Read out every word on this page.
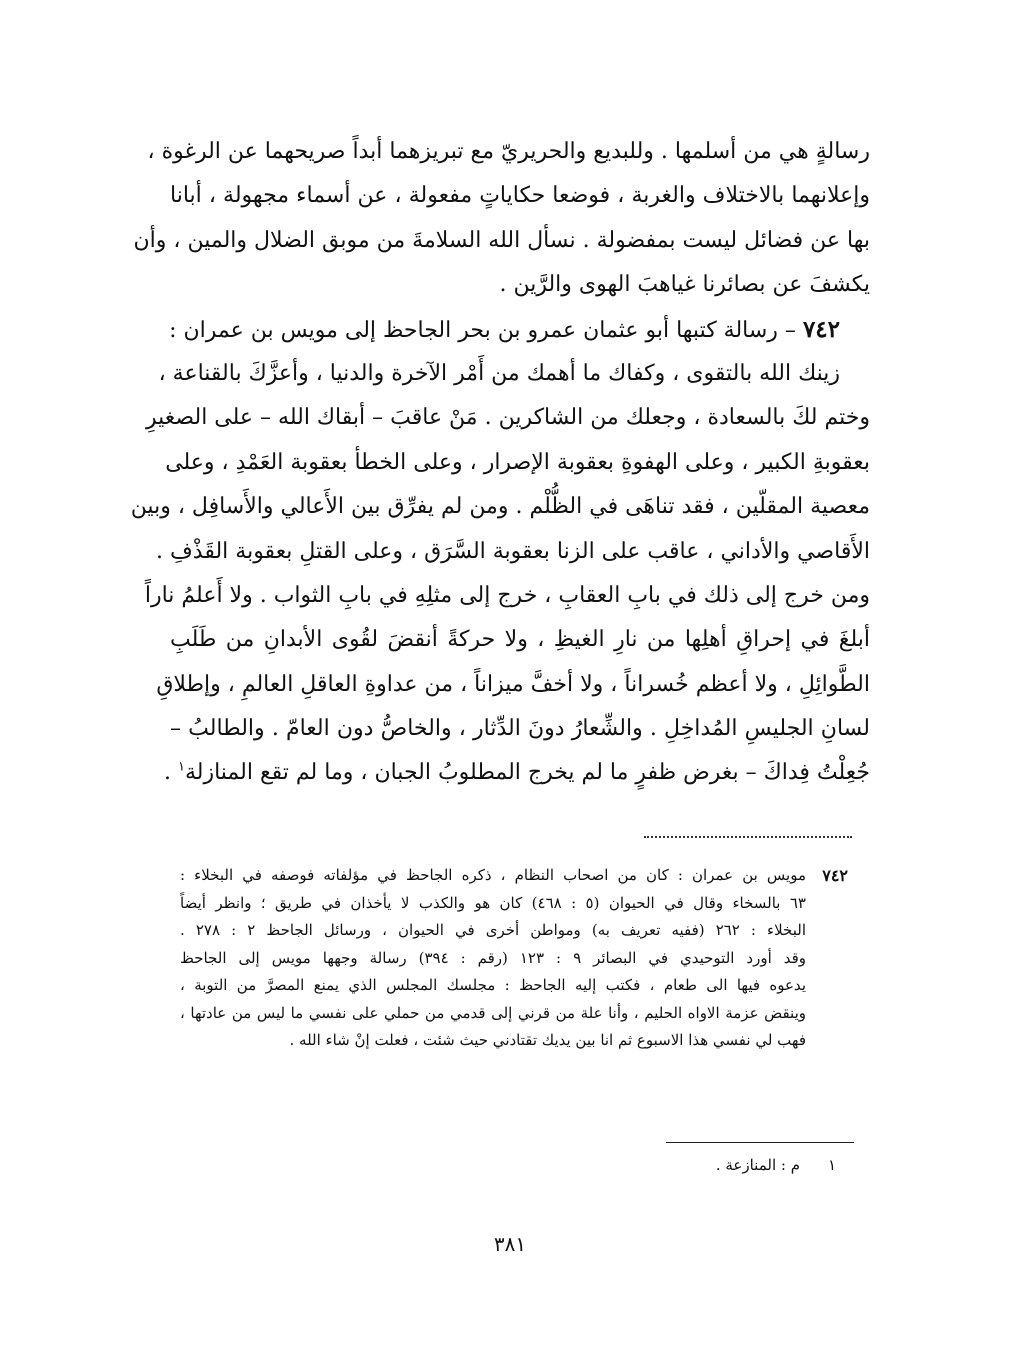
رسالةٍ هي من أسلمها . وللبديع والحريريّ مع تبريزهما أبداً صريحهما عن الرغوة ،
وإعلانهما بالاختلاف والغربة ، فوضعا حكاياتٍ مفعولة ، عن أسماء مجهولة ، أبانا
بها عن فضائل ليست بمفضولة . نسأل الله السلامةَ من موبق الضلال والمين ، وأن
يكشفَ عن بصائرنا غياهبَ الهوى والرَّين .
٧٤٢ – رسالة كتبها أبو عثمان عمرو بن بحر الجاحظ إلى مويس بن عمران :
زينك الله بالتقوى ، وكفاك ما أهمك من أَمْر الآخرة والدنيا ، وأعزَّكَ بالقناعة ،
وختم لكَ بالسعادة ، وجعلك من الشاكرين . مَنْ عاقبَ – أبقاك الله – على الصغيرِ
بعقوبةِ الكبير ، وعلى الهفوةِ بعقوبة الإصرار ، وعلى الخطأ بعقوبة العَمْدِ ، وعلى
معصية المقلّين ، فقد تناهَى في الظُّلْم . ومن لم يفرِّق بين الأَعالي والأَسافِل ، وبين
الأَقاصي والأداني ، عاقب على الزنا بعقوبة السَّرَق ، وعلى القتلِ بعقوبة القَذْفِ .
ومن خرج إلى ذلك في بابِ العقابِ ، خرج إلى مثلِهِ في بابِ الثواب . ولا أَعلمُ ناراً
أبلغَ في إحراقِ أهلِها من نارِ الغيظِ ، ولا حركةً أنقضَ لقُوى الأبدانِ من طَلَبِ
الطَّوائِلِ ، ولا أعظم خُسراناً ، ولا أخفَّ ميزاناً ، من عداوةِ العاقلِ العالمِ ، وإطلاقِ
لسانِ الجليسِ المُداخِلِ . والشِّعارُ دونَ الدِّثار ، والخاصُّ دون العامّ . والطالبُ –
جُعِلْتُ فِداكَ – بغرض ظفرٍ ما لم يخرج المطلوبُ الجبان ، وما لم تقع المنازلة$^١$ .
٧٤٢
مويس بن عمران : كان من اصحاب النظام ، ذكره الجاحظ في مؤلفاته فوصفه في البخلاء :
٦٣ بالسخاء وقال في الحيوان (٥ : ٤٦٨) كان هو والكذب لا يأخذان في طريق ؛ وانظر أيضاً
البخلاء : ٢٦٢ (ففيه تعريف به) ومواطن أخرى في الحيوان ، ورسائل الجاحظ ٢ : ٢٧٨ .
وقد أورد التوحيدي في البصائر ٩ : ١٢٣ (رقم : ٣٩٤) رسالة وجهها مويس إلى الجاحظ
يدعوه فيها الى طعام ، فكتب إليه الجاحظ : مجلسك المجلس الذي يمنع المصرَّ من التوبة ،
وينقض عزمة الاواه الحليم ، وأنا علة من قرني إلى قدمي من حملي على نفسي ما ليس من عادتها ،
فهب لي نفسي هذا الاسبوع ثم انا بين يديك تقتادني حيث شئت ، فعلت إنْ شاء الله .
١م : المنازعة .
٣٨١
